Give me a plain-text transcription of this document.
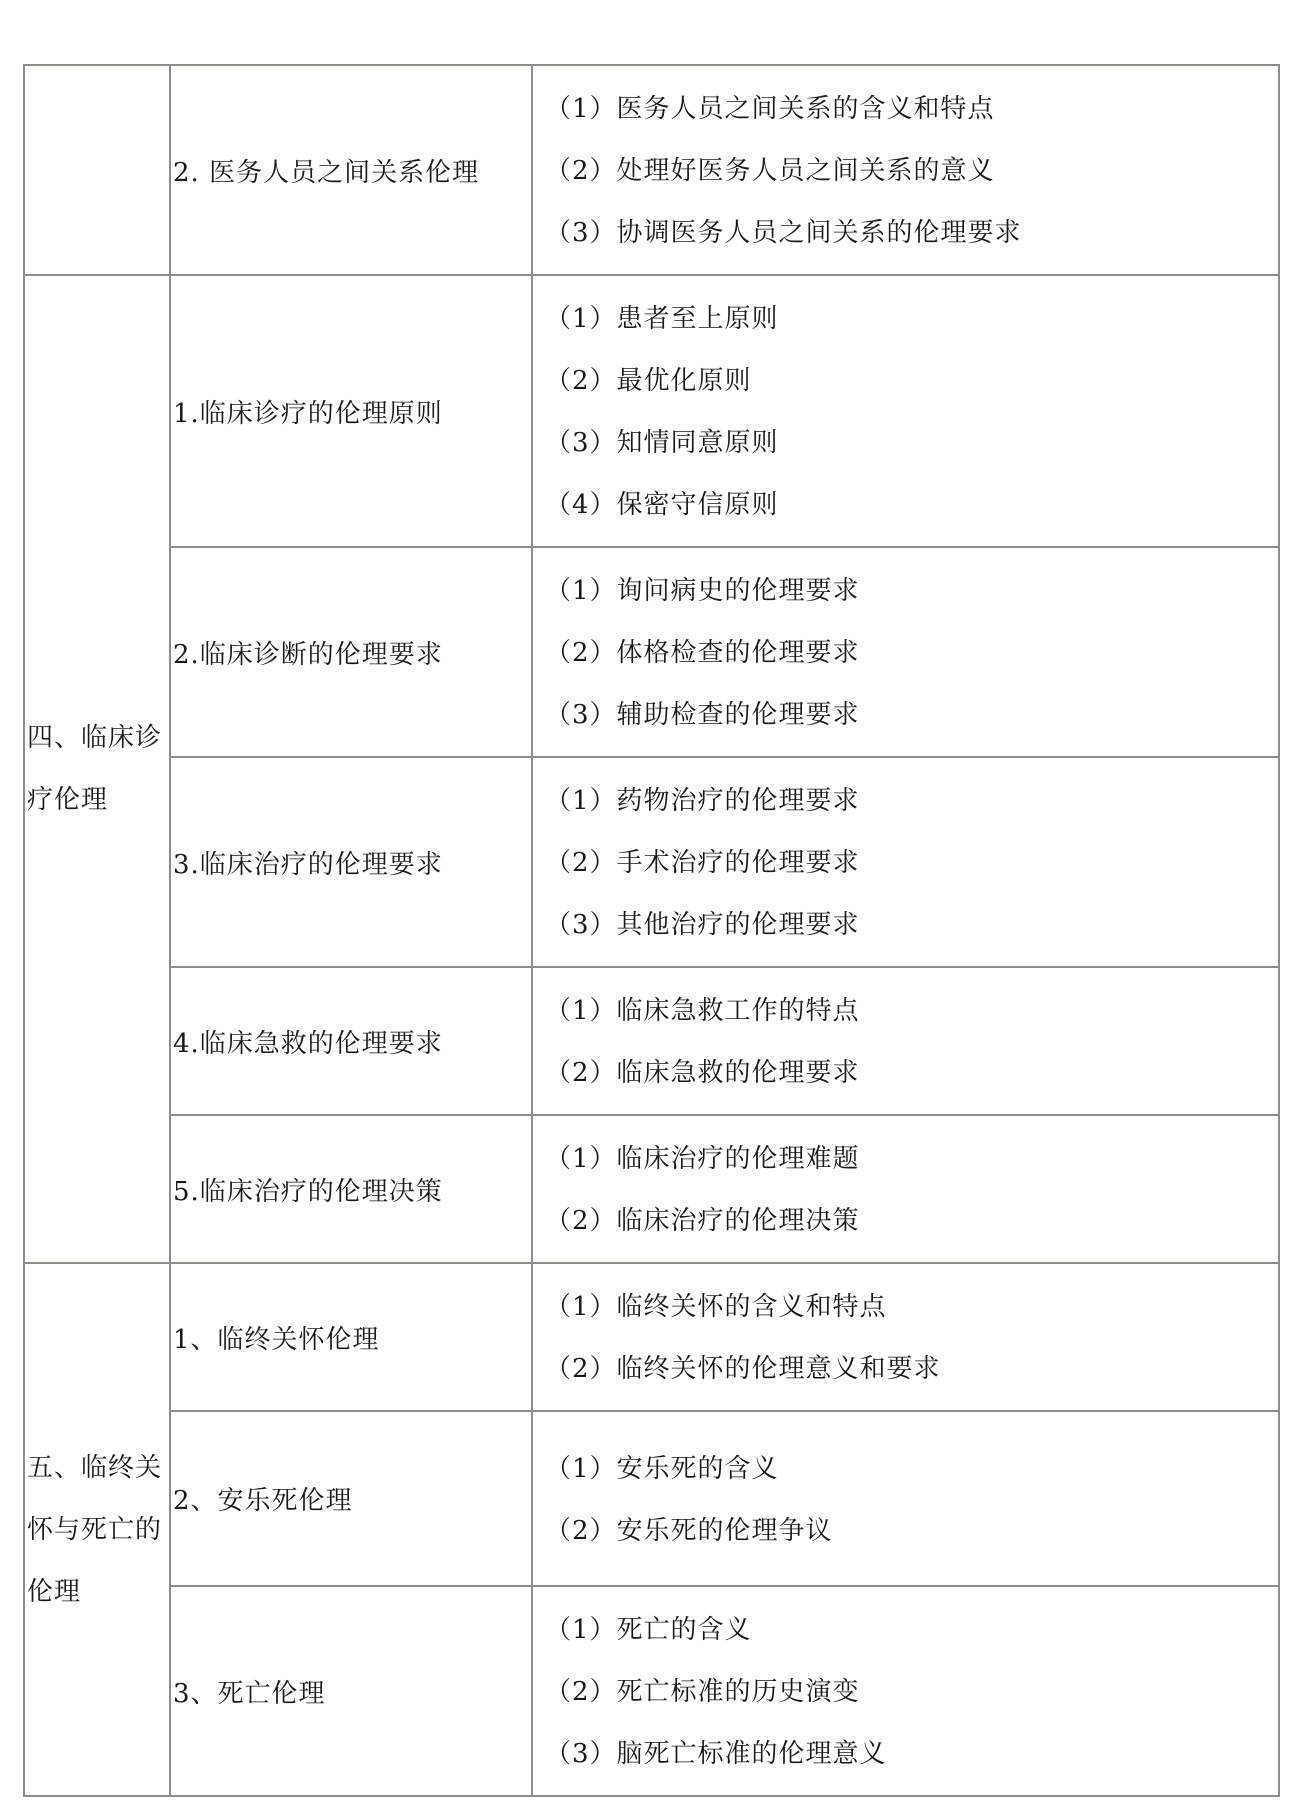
	2. 医务人员之间关系伦理	（1）医务人员之间关系的含义和特点
（2）处理好医务人员之间关系的意义
（3）协调医务人员之间关系的伦理要求

四、临床诊疗伦理	1.临床诊疗的伦理原则	（1）患者至上原则
（2）最优化原则
（3）知情同意原则
（4）保密守信原则

	2.临床诊断的伦理要求	（1）询问病史的伦理要求
（2）体格检查的伦理要求
（3）辅助检查的伦理要求

	3.临床治疗的伦理要求	（1）药物治疗的伦理要求
（2）手术治疗的伦理要求
（3）其他治疗的伦理要求

	4.临床急救的伦理要求	（1）临床急救工作的特点
（2）临床急救的伦理要求

	5.临床治疗的伦理决策	（1）临床治疗的伦理难题
（2）临床治疗的伦理决策

五、临终关怀与死亡的伦理	1、临终关怀伦理	（1）临终关怀的含义和特点
（2）临终关怀的伦理意义和要求

	2、安乐死伦理	（1）安乐死的含义
（2）安乐死的伦理争议

	3、死亡伦理	（1）死亡的含义
（2）死亡标准的历史演变
（3）脑死亡标准的伦理意义
